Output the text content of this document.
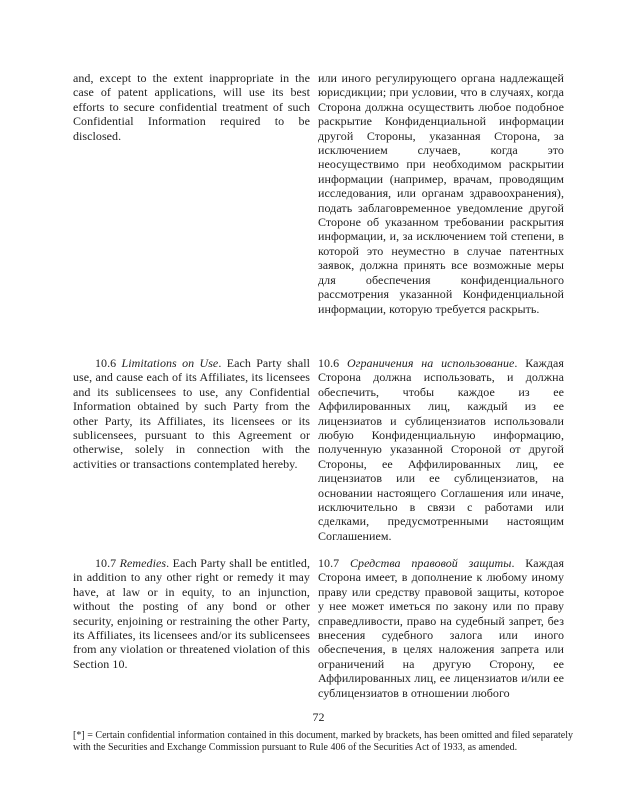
and, except to the extent inappropriate in the case of patent applications, will use its best efforts to secure confidential treatment of such Confidential Information required to be disclosed.

или иного регулирующего органа надлежащей юрисдикции; при условии, что в случаях, когда Сторона должна осуществить любое подобное раскрытие Конфиденциальной информации другой Стороны, указанная Сторона, за исключением случаев, когда это неосуществимо при необходимом раскрытии информации (например, врачам, проводящим исследования, или органам здравоохранения), подать заблаговременное уведомление другой Стороне об указанном требовании раскрытия информации, и, за исключением той степени, в которой это неуместно в случае патентных заявок, должна принять все возможные меры для обеспечения конфиденциального рассмотрения указанной Конфиденциальной информации, которую требуется раскрыть.

10.6 Limitations on Use. Each Party shall use, and cause each of its Affiliates, its licensees and its sublicensees to use, any Confidential Information obtained by such Party from the other Party, its Affiliates, its licensees or its sublicensees, pursuant to this Agreement or otherwise, solely in connection with the activities or transactions contemplated hereby.

10.6 Ограничения на использование. Каждая Сторона должна использовать, и должна обеспечить, чтобы каждое из ее Аффилированных лиц, каждый из ее лицензиатов и сублицензиатов использовали любую Конфиденциальную информацию, полученную указанной Стороной от другой Стороны, ее Аффилированных лиц, ее лицензиатов или ее сублицензиатов, на основании настоящего Соглашения или иначе, исключительно в связи с работами или сделками, предусмотренными настоящим Соглашением.

10.7 Remedies. Each Party shall be entitled, in addition to any other right or remedy it may have, at law or in equity, to an injunction, without the posting of any bond or other security, enjoining or restraining the other Party, its Affiliates, its licensees and/or its sublicensees from any violation or threatened violation of this Section 10.

10.7 Средства правовой защиты. Каждая Сторона имеет, в дополнение к любому иному праву или средству правовой защиты, которое у нее может иметься по закону или по праву справедливости, право на судебный запрет, без внесения судебного залога или иного обеспечения, в целях наложения запрета или ограничений на другую Сторону, ее Аффилированных лиц, ее лицензиатов и/или ее сублицензиатов в отношении любого

72

[*] = Certain confidential information contained in this document, marked by brackets, has been omitted and filed separately with the Securities and Exchange Commission pursuant to Rule 406 of the Securities Act of 1933, as amended.
